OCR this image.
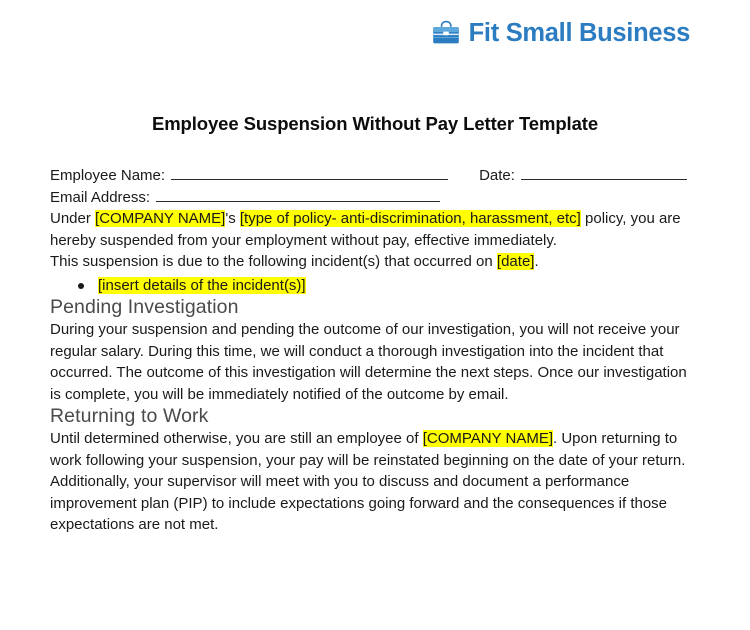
Fit Small Business
Employee Suspension Without Pay Letter Template
Employee Name:	Date:
Email Address:

Under [COMPANY NAME]'s [type of policy- anti-discrimination, harassment, etc] policy, you are hereby suspended from your employment without pay, effective immediately.

This suspension is due to the following incident(s) that occurred on [date].

[insert details of the incident(s)]
Pending Investigation

During your suspension and pending the outcome of our investigation, you will not receive your regular salary. During this time, we will conduct a thorough investigation into the incident that occurred. The outcome of this investigation will determine the next steps. Once our investigation is complete, you will be immediately notified of the outcome by email.

Returning to Work

Until determined otherwise, you are still an employee of [COMPANY NAME]. Upon returning to work following your suspension, your pay will be reinstated beginning on the date of your return. Additionally, your supervisor will meet with you to discuss and document a performance improvement plan (PIP) to include expectations going forward and the consequences if those expectations are not met.
